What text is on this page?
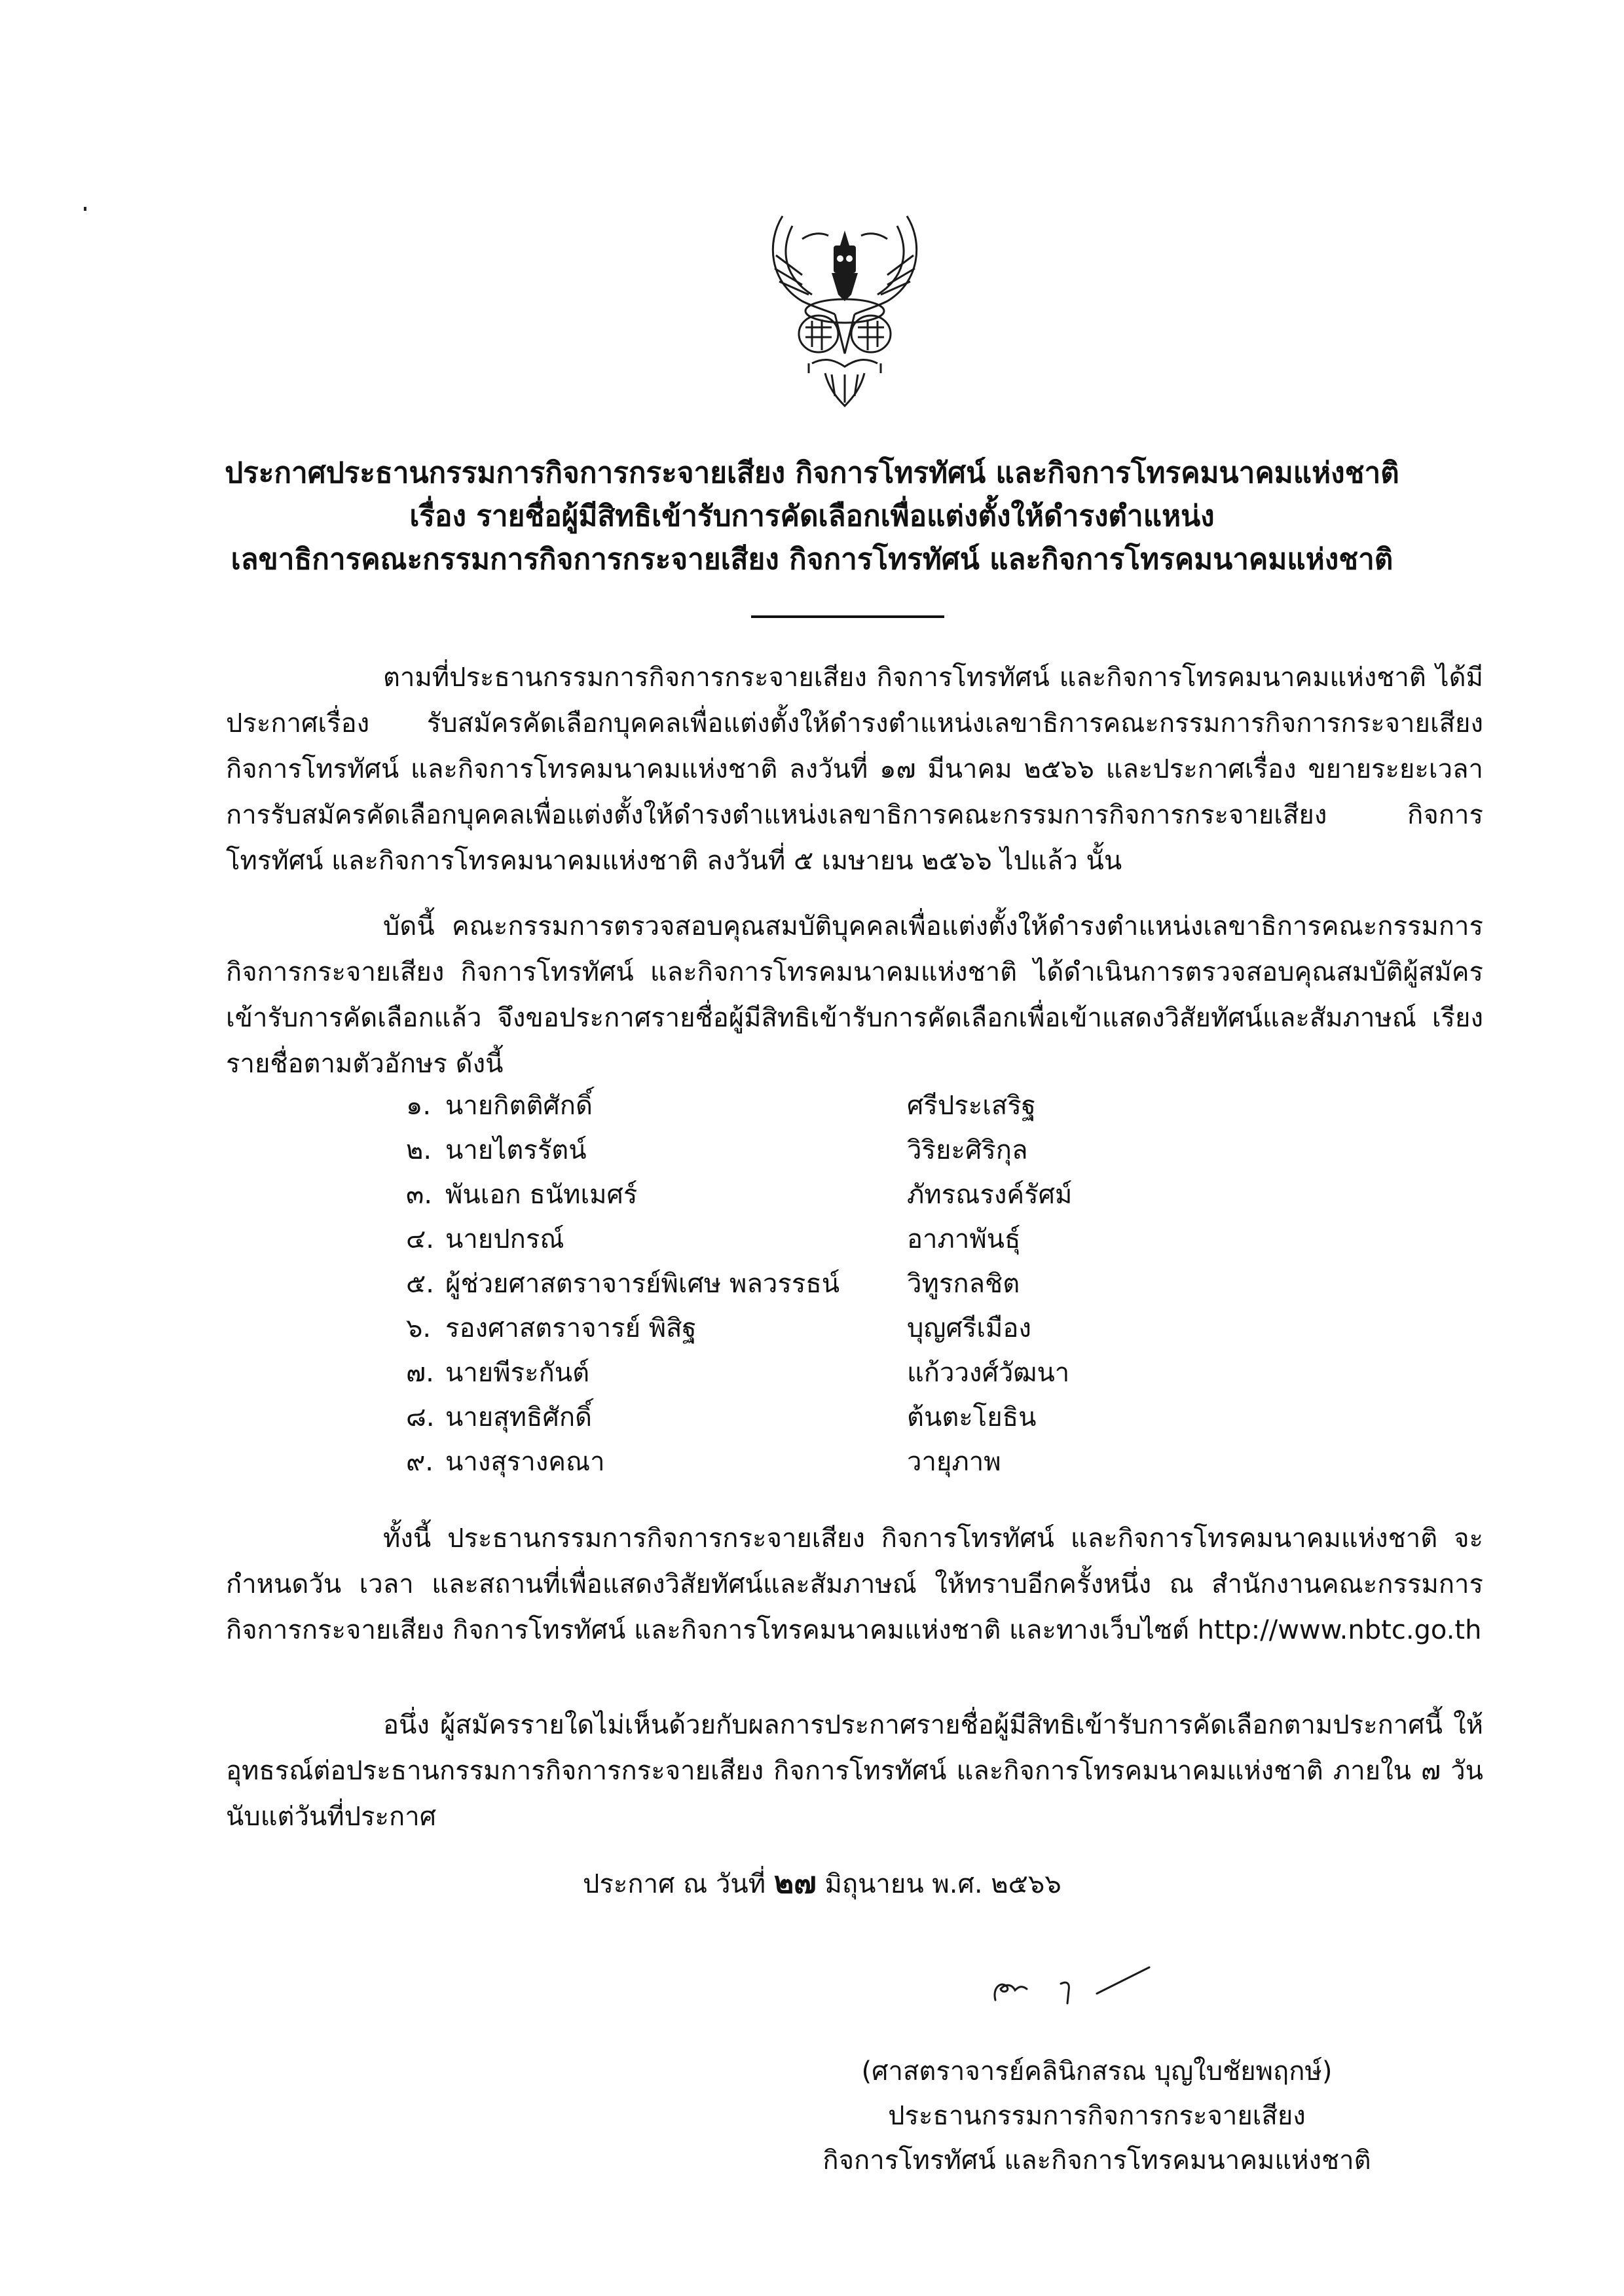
ประกาศประธานกรรมการกิจการกระจายเสียง กิจการโทรทัศน์ และกิจการโทรคมนาคมแห่งชาติ
เรื่อง รายชื่อผู้มีสิทธิเข้ารับการคัดเลือกเพื่อแต่งตั้งให้ดำรงตำแหน่ง
เลขาธิการคณะกรรมการกิจการกระจายเสียง กิจการโทรทัศน์ และกิจการโทรคมนาคมแห่งชาติ
ตามที่ประธานกรรมการกิจการกระจายเสียง กิจการโทรทัศน์ และกิจการโทรคมนาคมแห่งชาติ ได้มีประกาศเรื่อง รับสมัครคัดเลือกบุคคลเพื่อแต่งตั้งให้ดำรงตำแหน่งเลขาธิการคณะกรรมการกิจการกระจายเสียง กิจการโทรทัศน์ และกิจการโทรคมนาคมแห่งชาติ ลงวันที่ ๑๗ มีนาคม ๒๕๖๖ และประกาศเรื่อง ขยายระยะเวลาการรับสมัครคัดเลือกบุคคลเพื่อแต่งตั้งให้ดำรงตำแหน่งเลขาธิการคณะกรรมการกิจการกระจายเสียง กิจการโทรทัศน์ และกิจการโทรคมนาคมแห่งชาติ ลงวันที่ ๕ เมษายน ๒๕๖๖ ไปแล้ว นั้น
บัดนี้ คณะกรรมการตรวจสอบคุณสมบัติบุคคลเพื่อแต่งตั้งให้ดำรงตำแหน่งเลขาธิการคณะกรรมการกิจการกระจายเสียง กิจการโทรทัศน์ และกิจการโทรคมนาคมแห่งชาติ ได้ดำเนินการตรวจสอบคุณสมบัติผู้สมัครเข้ารับการคัดเลือกแล้ว จึงขอประกาศรายชื่อผู้มีสิทธิเข้ารับการคัดเลือกเพื่อเข้าแสดงวิสัยทัศน์และสัมภาษณ์ เรียงรายชื่อตามตัวอักษร ดังนี้
๑. นายกิตติศักดิ์	ศรีประเสริฐ
๒. นายไตรรัตน์	วิริยะศิริกุล
๓. พันเอก ธนัทเมศร์	ภัทรณรงค์รัศม์
๔. นายปกรณ์	อาภาพันธุ์
๕. ผู้ช่วยศาสตราจารย์พิเศษ พลวรรธน์	วิทูรกลชิต
๖. รองศาสตราจารย์ พิสิฐ	บุญศรีเมือง
๗. นายพีระกันต์	แก้ววงศ์วัฒนา
๘. นายสุทธิศักดิ์	ต้นตะโยธิน
๙. นางสุรางคณา	วายุภาพ
ทั้งนี้ ประธานกรรมการกิจการกระจายเสียง กิจการโทรทัศน์ และกิจการโทรคมนาคมแห่งชาติ จะกำหนดวัน เวลา และสถานที่เพื่อแสดงวิสัยทัศน์และสัมภาษณ์ ให้ทราบอีกครั้งหนึ่ง ณ สำนักงานคณะกรรมการกิจการกระจายเสียง กิจการโทรทัศน์ และกิจการโทรคมนาคมแห่งชาติ และทางเว็บไซต์ http://www.nbtc.go.th
อนึ่ง ผู้สมัครรายใดไม่เห็นด้วยกับผลการประกาศรายชื่อผู้มีสิทธิเข้ารับการคัดเลือกตามประกาศนี้ ให้อุทธรณ์ต่อประธานกรรมการกิจการกระจายเสียง กิจการโทรทัศน์ และกิจการโทรคมนาคมแห่งชาติ ภายใน ๗ วัน นับแต่วันที่ประกาศ
ประกาศ ณ วันที่ ๒๗ มิถุนายน พ.ศ. ๒๕๖๖
(ศาสตราจารย์คลินิกสรณ บุญใบชัยพฤกษ์)
ประธานกรรมการกิจการกระจายเสียง
กิจการโทรทัศน์ และกิจการโทรคมนาคมแห่งชาติ
